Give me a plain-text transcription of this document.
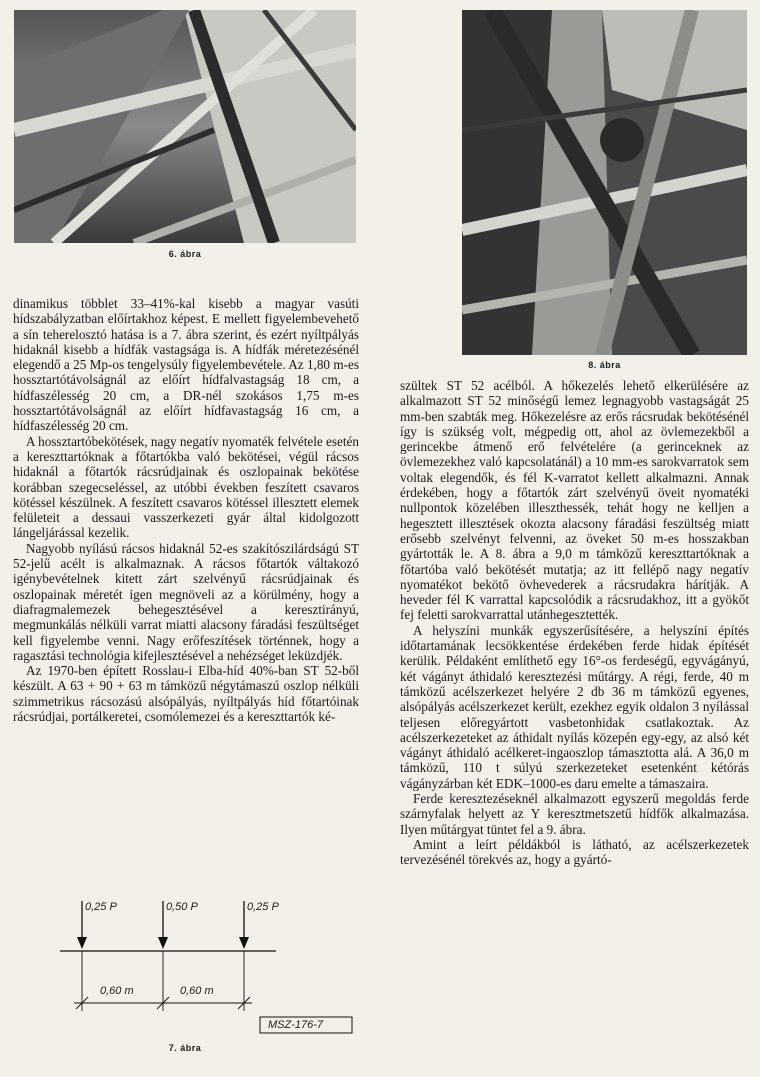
6. ábra
8. ábra

dinamikus többlet 33–41%-kal kisebb a magyar vasúti hídszabályzatban előírtakhoz képest. E mellett figyelembevehető a sín teherelosztó hatása is a 7. ábra szerint, és ezért nyíltpályás hidaknál kisebb a hídfák vastagsága is. A hídfák méretezésénél elegendő a 25 Mp-os tengelysúly figyelembevétele. Az 1,80 m-es hossztartótávolságnál az előírt hídfalvastagság 18 cm, a hídfaszélesség 20 cm, a DR-nél szokásos 1,75 m-es hossztartótávolságnál az előírt hídfavastagság 16 cm, a hídfaszélesség 20 cm.

A hossztartóbekötések, nagy negatív nyomaték felvétele esetén a kereszttartóknak a főtartókba való bekötései, végül rácsos hidaknál a főtartók rácsrúdjainak és oszlopainak bekötése korábban szegecseléssel, az utóbbi években feszített csavaros kötéssel készülnek. A feszített csavaros kötéssel illesztett elemek felületeit a dessaui vasszerkezeti gyár által kidolgozott lángeljárással kezelik.

Nagyobb nyílású rácsos hidaknál 52-es szakítószilárdságú ST 52-jelű acélt is alkalmaznak. A rácsos főtartók váltakozó igénybevételnek kitett zárt szelvényű rácsrúdjainak és oszlopainak méretét igen megnöveli az a körülmény, hogy a diafragmalemezek behegesztésével a keresztirányú, megmunkálás nélküli varrat miatti alacsony fáradási feszültséget kell figyelembe venni. Nagy erőfeszítések történnek, hogy a ragasztási technológia kifejlesztésével a nehézséget leküzdjék.

Az 1970-ben épített Rosslau-i Elba-híd 40%-ban ST 52-ből készült. A 63 + 90 + 63 m támközű négytámaszú oszlop nélküli szimmetrikus rácsozású alsópályás, nyíltpályás híd főtartóinak rácsrúdjai, portálkeretei, csomólemezei és a kereszttartók ké-

szültek ST 52 acélból. A hőkezelés lehető elkerülésére az alkalmazott ST 52 minőségű lemez legnagyobb vastagságát 25 mm-ben szabták meg. Hőkezelésre az erős rácsrudak bekötésénél így is szükség volt, mégpedig ott, ahol az övlemezekből a gerincekbe átmenő erő felvételére (a gerinceknek az övlemezekhez való kapcsolatánál) a 10 mm-es sarokvarratok sem voltak elegendők, és fél K-varratot kellett alkalmazni. Annak érdekében, hogy a főtartók zárt szelvényű öveit nyomatéki nullpontok közelében illeszthessék, tehát hogy ne kelljen a hegesztett illesztések okozta alacsony fáradási feszültség miatt erősebb szelvényt felvenni, az öveket 50 m-es hosszakban gyártották le. A 8. ábra a 9,0 m támközű kereszttartóknak a főtartóba való bekötését mutatja; az itt fellépő nagy negatív nyomatékot bekötő övhevederek a rácsrudakra hárítják. A heveder fél K varrattal kapcsolódik a rácsrudakhoz, itt a gyökőt fej feletti sarokvarrattal utánhegesztették.

A helyszíni munkák egyszerűsítésére, a helyszíni építés időtartamának lecsökkentése érdekében ferde hidak építését kerülik. Példaként említhető egy 16°-os ferdeségű, egyvágányú, két vágányt áthidaló keresztezési műtárgy. A régi, ferde, 40 m támközű acélszerkezet helyére 2 db 36 m támközű egyenes, alsópályás acélszerkezet került, ezekhez egyik oldalon 3 nyílással teljesen előregyártott vasbetonhidak csatlakoztak. Az acélszerkezeteket az áthidalt nyílás közepén egy-egy, az alsó két vágányt áthidaló acélkeret-ingaoszlop támasztotta alá. A 36,0 m támközű, 110 t súlyú szerkezeteket esetenként kétórás vágányzárban két EDK–1000-es daru emelte a támaszaira.

Ferde keresztezéseknél alkalmazott egyszerű megoldás ferde szárnyfalak helyett az Y keresztmetszetű hídfők alkalmazása. Ilyen műtárgyat tüntet fel a 9. ábra.

Amint a leírt példákból is látható, az acélszerkezetek tervezésénél törekvés az, hogy a gyártó-

0,25 P	0,50 P	0,25 P
0,60 m	0,60 m
MSZ-176-7
7. ábra
